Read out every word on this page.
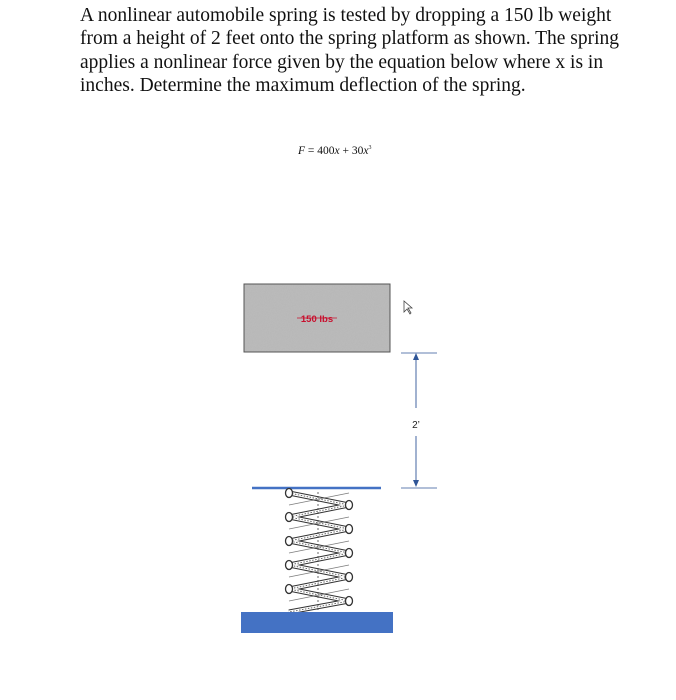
A nonlinear automobile spring is tested by dropping a 150 lb weight from a height of 2 feet onto the spring platform as shown. The spring applies a nonlinear force given by the equation below where x is in inches. Determine the maximum deflection of the spring.

$F = 400x + 30x^3$
150 lbs
2’
